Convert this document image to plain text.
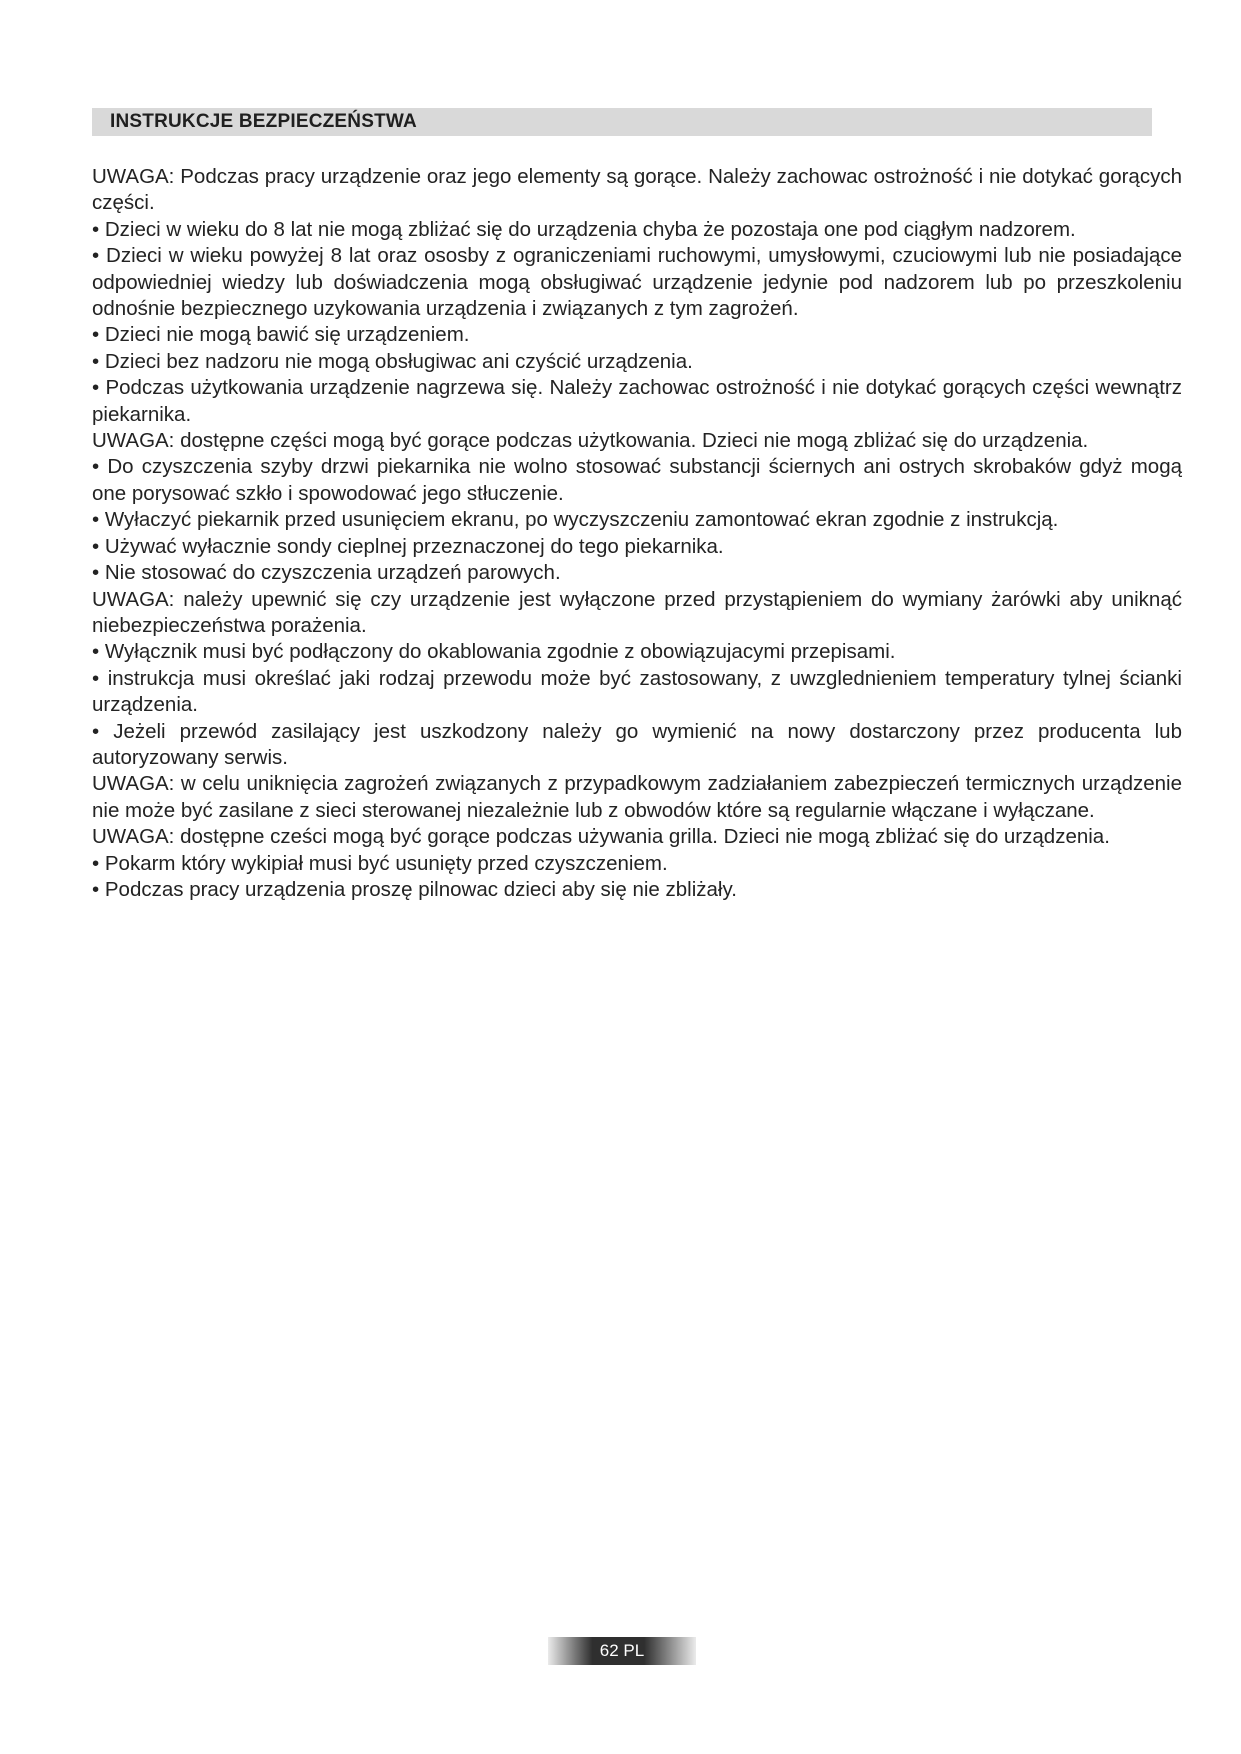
INSTRUKCJE BEZPIECZEŃSTWA

UWAGA: Podczas pracy urządzenie oraz jego elementy są gorące. Należy zachowac ostrożność i nie dotykać gorących części.

• Dzieci w wieku do 8 lat nie mogą zbliżać się do urządzenia chyba że pozostaja one pod ciągłym nadzorem.

• Dzieci w wieku powyżej 8 lat oraz ososby z ograniczeniami ruchowymi, umysłowymi, czuciowymi lub nie posiadające odpowiedniej wiedzy lub doświadczenia mogą obsługiwać urządzenie jedynie pod nadzorem lub po przeszkoleniu odnośnie bezpiecznego uzykowania urządzenia i związanych z tym zagrożeń.

• Dzieci nie mogą bawić się urządzeniem.

• Dzieci bez nadzoru nie mogą obsługiwac ani czyścić urządzenia.

• Podczas użytkowania urządzenie nagrzewa się. Należy zachowac ostrożność i nie dotykać gorących części wewnątrz piekarnika.

UWAGA: dostępne części mogą być gorące podczas użytkowania. Dzieci nie mogą zbliżać się do urządzenia.

• Do czyszczenia szyby drzwi piekarnika nie wolno stosować substancji ściernych ani ostrych skrobaków gdyż mogą one porysować szkło i spowodować jego stłuczenie.

• Wyłaczyć piekarnik przed usunięciem ekranu, po wyczyszczeniu zamontować ekran zgodnie z instrukcją.

• Używać wyłacznie sondy cieplnej przeznaczonej do tego piekarnika.

• Nie stosować do czyszczenia urządzeń parowych.

UWAGA: należy upewnić się czy urządzenie jest wyłączone przed przystąpieniem do wymiany żarówki aby uniknąć niebezpieczeństwa porażenia.

• Wyłącznik musi być podłączony do okablowania zgodnie z obowiązujacymi przepisami.

• instrukcja musi określać jaki rodzaj przewodu może być zastosowany, z uwzglednieniem temperatury tylnej ścianki urządzenia.

• Jeżeli przewód zasilający jest uszkodzony należy go wymienić na nowy dostarczony przez producenta lub autoryzowany serwis.

UWAGA: w celu uniknięcia zagrożeń związanych z przypadkowym zadziałaniem zabezpieczeń termicznych urządzenie nie może być zasilane z sieci sterowanej niezależnie lub z obwodów które są regularnie włączane i wyłączane.

UWAGA: dostępne cześci mogą być gorące podczas używania grilla. Dzieci nie mogą zbliżać się do urządzenia.

• Pokarm który wykipiał musi być usunięty przed czyszczeniem.

• Podczas pracy urządzenia proszę pilnowac dzieci aby się nie zbliżały.

62 PL
